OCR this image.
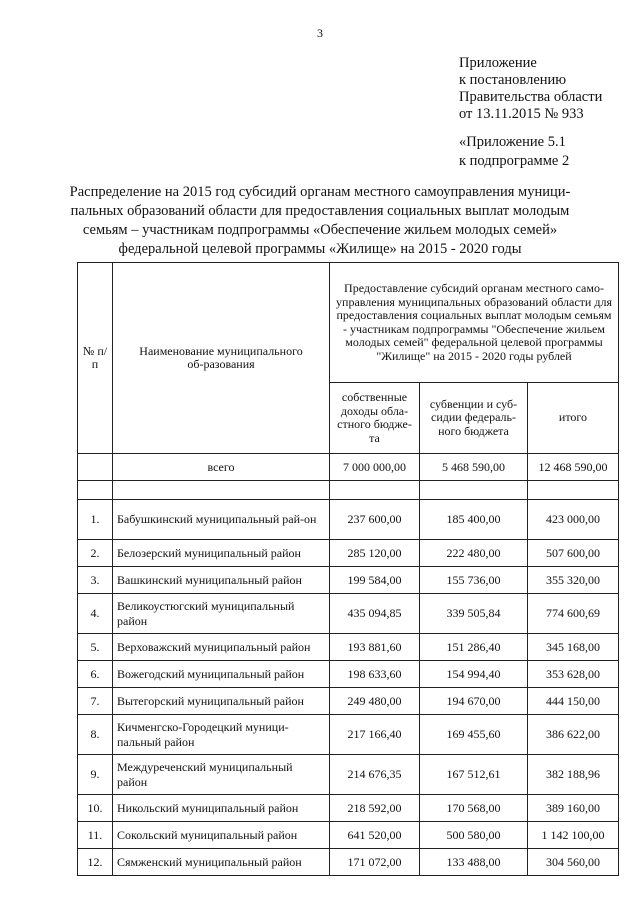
3
Приложение
к постановлению
Правительства области
от 13.11.2015 № 933
«Приложение 5.1
к подпрограмме 2
Распределение на 2015 год субсидий органам местного самоуправления муници-
пальных образований области для предоставления социальных выплат молодым
семьям – участникам подпрограммы «Обеспечение жильем молодых семей»
федеральной целевой программы «Жилище» на 2015 - 2020 годы
№ п/п	Наименование муниципального об-разования	Предоставление субсидий органам местного само-управления муниципальных образований области для предоставления социальных выплат молодым семьям - участникам подпрограммы "Обеспечение жильем молодых семей" федеральной целевой программы "Жилище" на 2015 - 2020 годы рублей		
		собственные доходы обла-стного бюдже-та	субвенции и суб-сидии федераль-ного бюджета	итого
	всего	7 000 000,00	5 468 590,00	12 468 590,00

1.	Бабушкинский муниципальный рай-он	237 600,00	185 400,00	423 000,00
2.	Белозерский муниципальный район	285 120,00	222 480,00	507 600,00
3.	Вашкинский муниципальный район	199 584,00	155 736,00	355 320,00
4.	Великоустюгский муниципальный район	435 094,85	339 505,84	774 600,69
5.	Верховажский муниципальный район	193 881,60	151 286,40	345 168,00
6.	Вожегодский муниципальный район	198 633,60	154 994,40	353 628,00
7.	Вытегорский муниципальный район	249 480,00	194 670,00	444 150,00
8.	Кичменгско-Городецкий муници-пальный район	217 166,40	169 455,60	386 622,00
9.	Междуреченский муниципальный район	214 676,35	167 512,61	382 188,96
10.	Никольский муниципальный район	218 592,00	170 568,00	389 160,00
11.	Сокольский муниципальный район	641 520,00	500 580,00	1 142 100,00
12.	Сямженский муниципальный район	171 072,00	133 488,00	304 560,00
